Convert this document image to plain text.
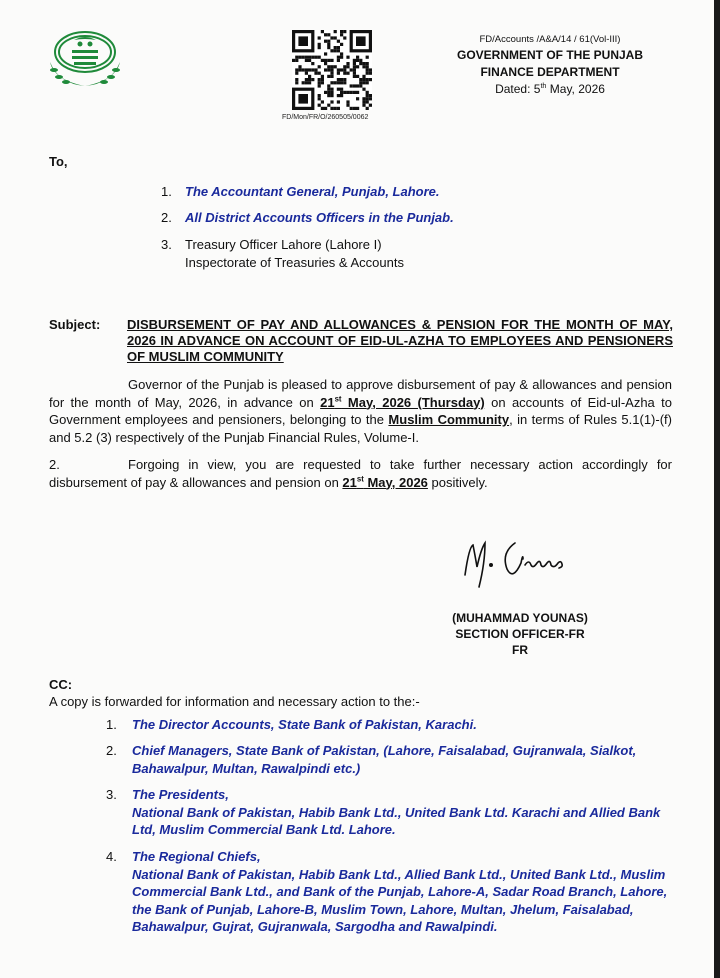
FD/Mon/FR/O/260505/0062
FD/Accounts /A&A/14 / 61(Vol-III)
GOVERNMENT OF THE PUNJAB
FINANCE DEPARTMENT
Dated: 5th May, 2026
To,
1. The Accountant General, Punjab, Lahore.
2. All District Accounts Officers in the Punjab.
3. Treasury Officer Lahore (Lahore I)
Inspectorate of Treasuries & Accounts
Subject: DISBURSEMENT OF PAY AND ALLOWANCES & PENSION FOR THE MONTH OF MAY, 2026 IN ADVANCE ON ACCOUNT OF EID-UL-AZHA TO EMPLOYEES AND PENSIONERS OF MUSLIM COMMUNITY
Governor of the Punjab is pleased to approve disbursement of pay & allowances and pension for the month of May, 2026, in advance on 21st May, 2026 (Thursday) on accounts of Eid-ul-Azha to Government employees and pensioners, belonging to the Muslim Community, in terms of Rules 5.1(1)-(f) and 5.2 (3) respectively of the Punjab Financial Rules, Volume-I.
2.	Forgoing in view, you are requested to take further necessary action accordingly for disbursement of pay & allowances and pension on 21st May, 2026 positively.
(MUHAMMAD YOUNAS)
SECTION OFFICER-FR
FR
CC:
A copy is forwarded for information and necessary action to the:-
1. The Director Accounts, State Bank of Pakistan, Karachi.
2. Chief Managers, State Bank of Pakistan, (Lahore, Faisalabad, Gujranwala, Sialkot, Bahawalpur, Multan, Rawalpindi etc.)
3. The Presidents,
National Bank of Pakistan, Habib Bank Ltd., United Bank Ltd. Karachi and Allied Bank Ltd, Muslim Commercial Bank Ltd. Lahore.
4. The Regional Chiefs,
National Bank of Pakistan, Habib Bank Ltd., Allied Bank Ltd., United Bank Ltd., Muslim Commercial Bank Ltd., and Bank of the Punjab, Lahore-A, Sadar Road Branch, Lahore, the Bank of Punjab, Lahore-B, Muslim Town, Lahore, Multan, Jhelum, Faisalabad, Bahawalpur, Gujrat, Gujranwala, Sargodha and Rawalpindi.
